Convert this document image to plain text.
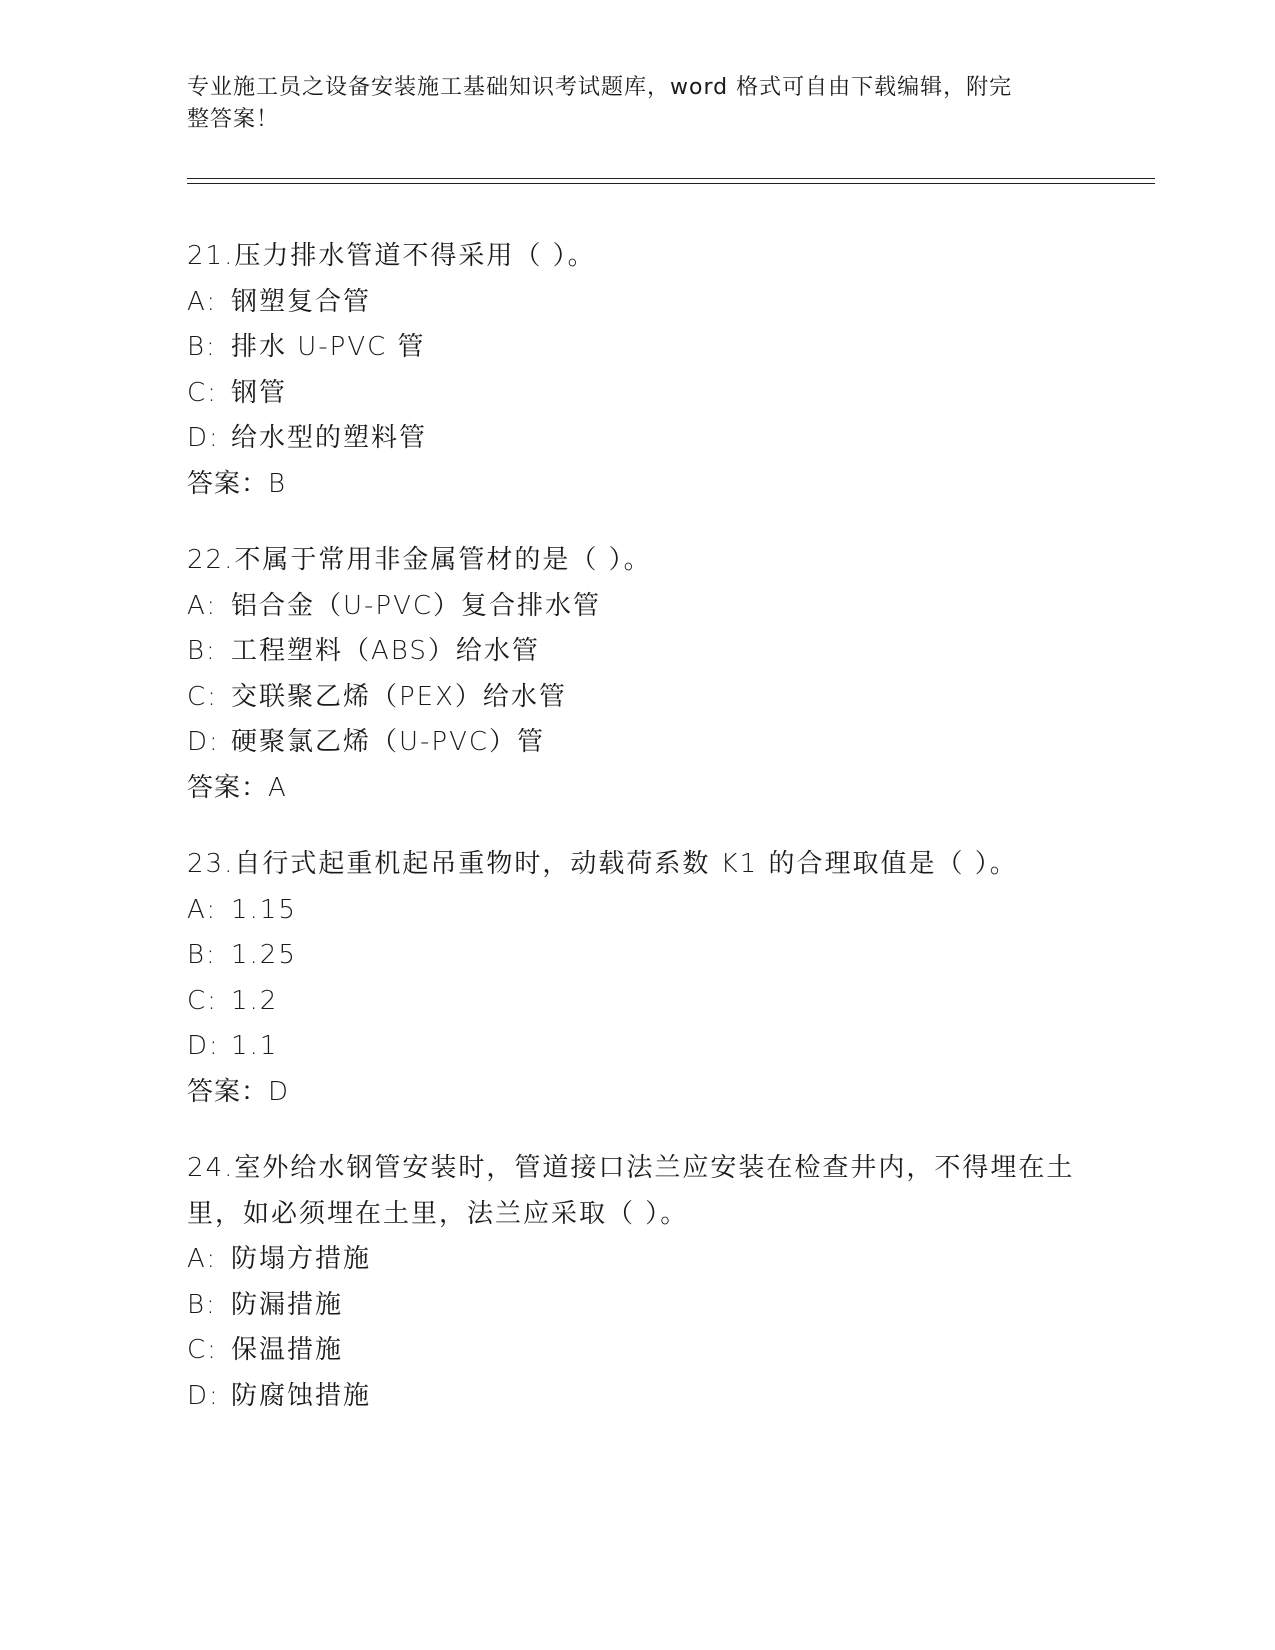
专业施工员之设备安装施工基础知识考试题库，word 格式可自由下载编辑，附完
整答案！
21.压力排水管道不得采用（ ）。
A: 钢塑复合管
B: 排水 U-PVC 管
C: 钢管
D: 给水型的塑料管
答案：B
22.不属于常用非金属管材的是（ ）。
A: 铝合金（U-PVC）复合排水管
B: 工程塑料（ABS）给水管
C: 交联聚乙烯（PEX）给水管
D: 硬聚氯乙烯（U-PVC）管
答案：A
23.自行式起重机起吊重物时，动载荷系数 K1 的合理取值是（ ）。
A: 1.15
B: 1.25
C: 1.2
D: 1.1
答案：D
24.室外给水钢管安装时，管道接口法兰应安装在检查井内，不得埋在土里，如必须埋在土里，法兰应采取（ ）。
A: 防塌方措施
B: 防漏措施
C: 保温措施
D: 防腐蚀措施
